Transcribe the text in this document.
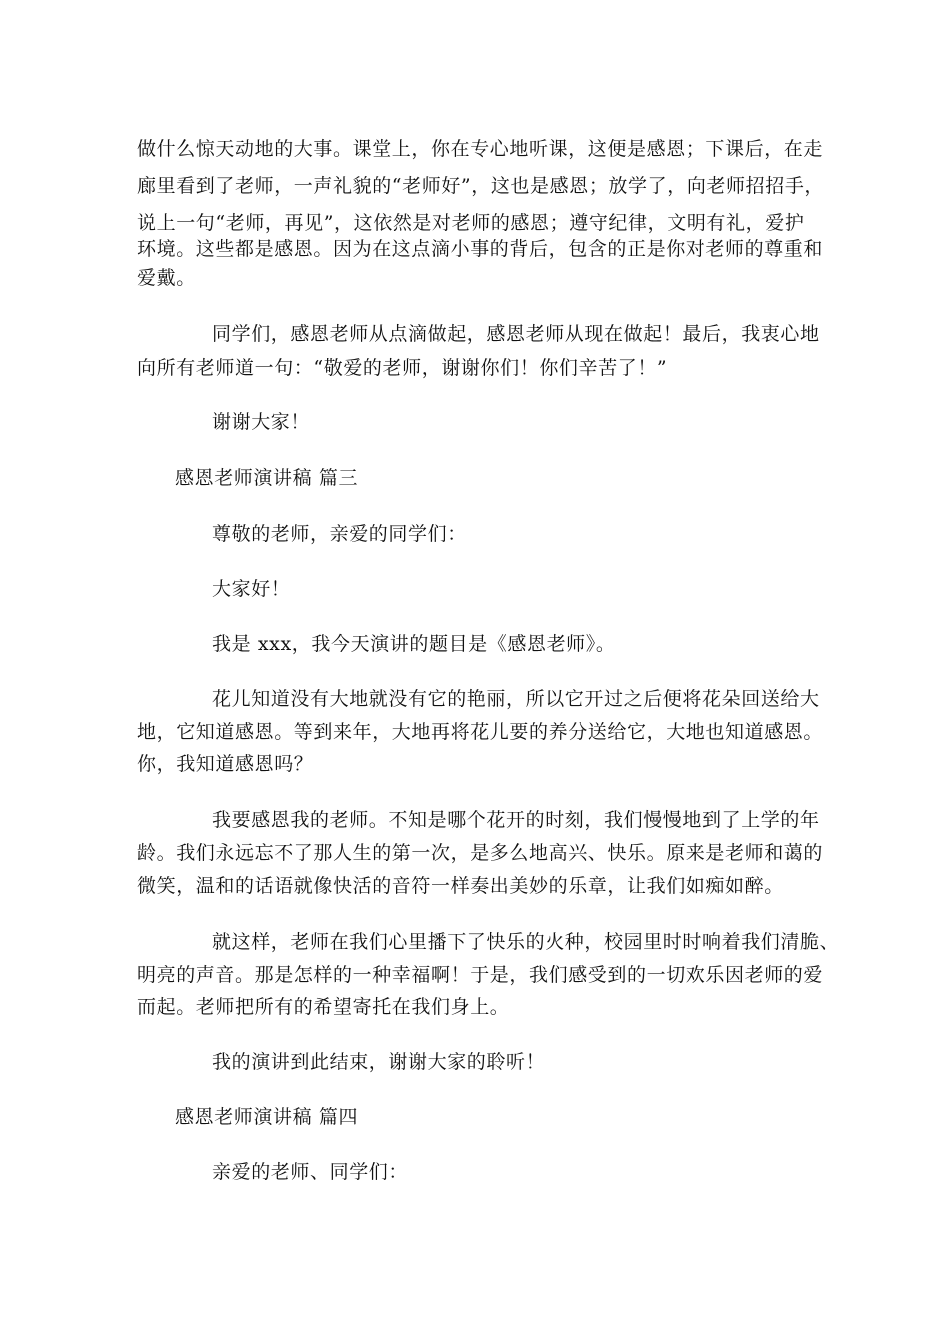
做什么惊天动地的大事。课堂上，你在专心地听课，这便是感恩；下课后，在走
廊里看到了老师，一声礼貌的“老师好”，这也是感恩；放学了，向老师招招手，
说上一句“老师，再见”，这依然是对老师的感恩；遵守纪律，文明有礼，爱护
环境。这些都是感恩。因为在这点滴小事的背后，包含的正是你对老师的尊重和
爱戴。
同学们，感恩老师从点滴做起，感恩老师从现在做起！最后，我衷心地
向所有老师道一句：“敬爱的老师，谢谢你们！你们辛苦了！”
谢谢大家！
感恩老师演讲稿 篇三
尊敬的老师，亲爱的同学们：
大家好！
我是 xxx，我今天演讲的题目是《感恩老师》。
花儿知道没有大地就没有它的艳丽，所以它开过之后便将花朵回送给大
地，它知道感恩。等到来年，大地再将花儿要的养分送给它，大地也知道感恩。
你，我知道感恩吗？
我要感恩我的老师。不知是哪个花开的时刻，我们慢慢地到了上学的年
龄。我们永远忘不了那人生的第一次，是多么地高兴、快乐。原来是老师和蔼的
微笑，温和的话语就像快活的音符一样奏出美妙的乐章，让我们如痴如醉。
就这样，老师在我们心里播下了快乐的火种，校园里时时响着我们清脆、
明亮的声音。那是怎样的一种幸福啊！于是，我们感受到的一切欢乐因老师的爱
而起。老师把所有的希望寄托在我们身上。
我的演讲到此结束，谢谢大家的聆听！
感恩老师演讲稿 篇四
亲爱的老师、同学们：
